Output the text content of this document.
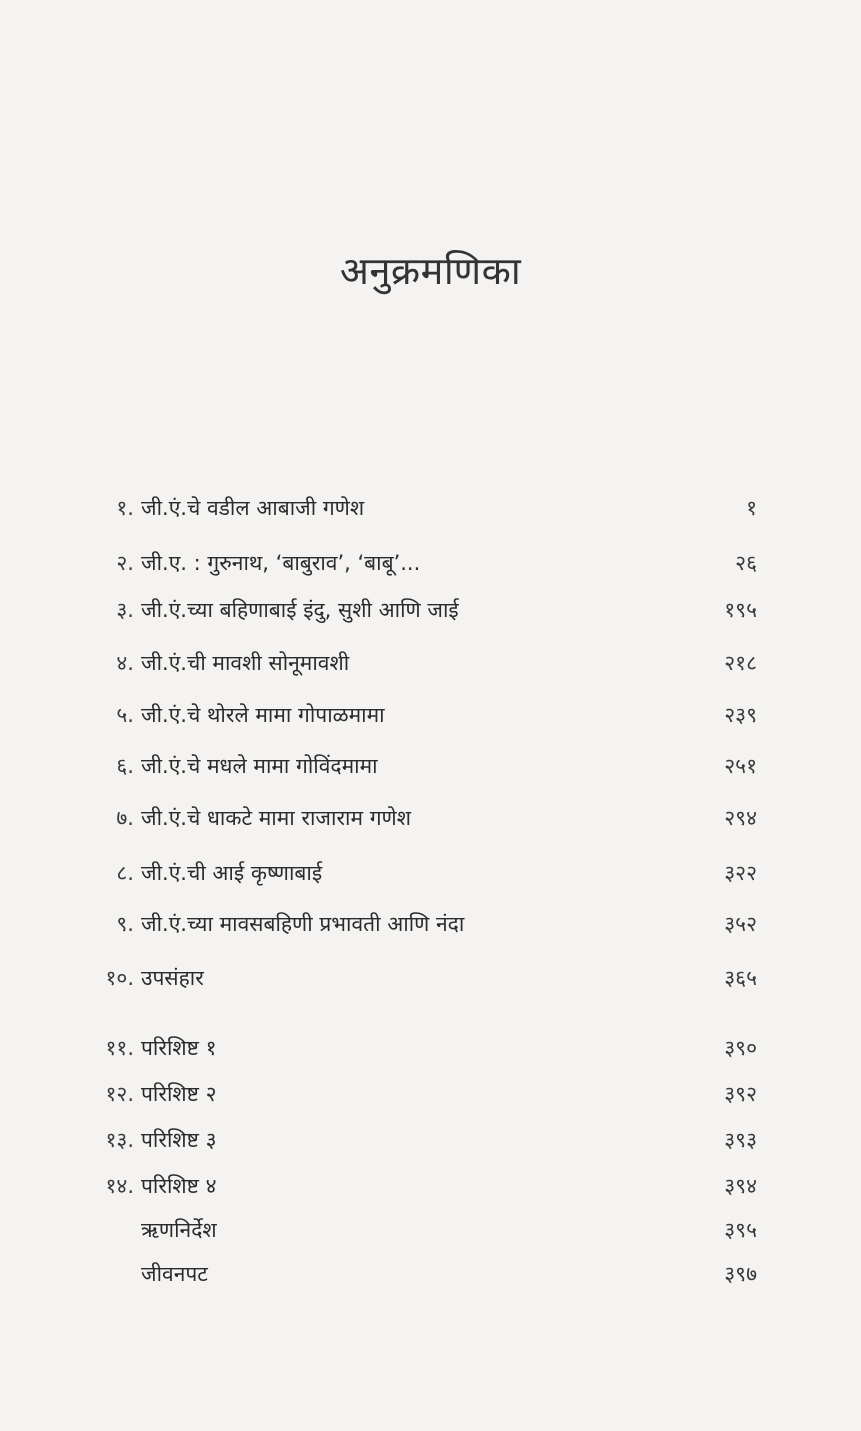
अनुक्रमणिका
१. जी.एं.चे वडील आबाजी गणेश	१
२. जी.ए. : गुरुनाथ, ‘बाबुराव’, ‘बाबू’...	२६
३. जी.एं.च्या बहिणाबाई इंदु, सुशी आणि जाई	१९५
४. जी.एं.ची मावशी सोनूमावशी	२१८
५. जी.एं.चे थोरले मामा गोपाळमामा	२३९
६. जी.एं.चे मधले मामा गोविंदमामा	२५१
७. जी.एं.चे धाकटे मामा राजाराम गणेश	२९४
८. जी.एं.ची आई कृष्णाबाई	३२२
९. जी.एं.च्या मावसबहिणी प्रभावती आणि नंदा	३५२
१०. उपसंहार	३६५
११. परिशिष्ट १	३९०
१२. परिशिष्ट २	३९२
१३. परिशिष्ट ३	३९३
१४. परिशिष्ट ४	३९४
ऋणनिर्देश	३९५
जीवनपट	३९७
